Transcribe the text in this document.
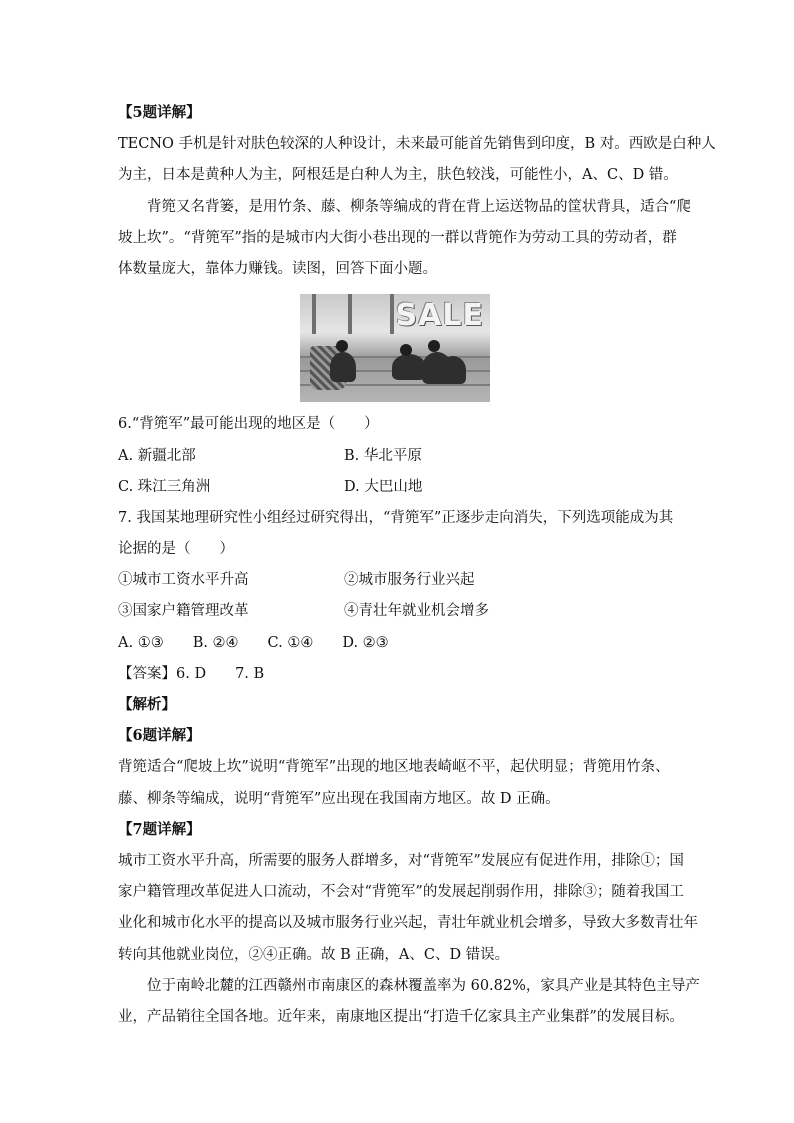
【5题详解】
TECNO 手机是针对肤色较深的人种设计，未来最可能首先销售到印度，B 对。西欧是白种人
为主，日本是黄种人为主，阿根廷是白种人为主，肤色较浅，可能性小，A、C、D 错。
背篼又名背篓，是用竹条、藤、柳条等编成的背在背上运送物品的筐状背具，适合“爬
坡上坎”。“背篼军”指的是城市内大街小巷出现的一群以背篼作为劳动工具的劳动者，群
体数量庞大，靠体力赚钱。读图，回答下面小题。
SALE
6.“背篼军”最可能出现的地区是（　　）
A. 新疆北部	B. 华北平原
C. 珠江三角洲	D. 大巴山地
7. 我国某地理研究性小组经过研究得出，“背篼军”正逐步走向消失，下列选项能成为其
论据的是（　　）
①城市工资水平升高	②城市服务行业兴起
③国家户籍管理改革	④青壮年就业机会增多
A. ①③　　B. ②④　　C. ①④　　D. ②③
【答案】6. D　　7. B
【解析】
【6题详解】
背篼适合“爬坡上坎”说明“背篼军”出现的地区地表崎岖不平，起伏明显；背篼用竹条、
藤、柳条等编成，说明“背篼军”应出现在我国南方地区。故 D 正确。
【7题详解】
城市工资水平升高，所需要的服务人群增多，对“背篼军”发展应有促进作用，排除①；国
家户籍管理改革促进人口流动，不会对“背篼军”的发展起削弱作用，排除③；随着我国工
业化和城市化水平的提高以及城市服务行业兴起，青壮年就业机会增多，导致大多数青壮年
转向其他就业岗位，②④正确。故 B 正确，A、C、D 错误。
位于南岭北麓的江西赣州市南康区的森林覆盖率为 60.82%，家具产业是其特色主导产
业，产品销往全国各地。近年来，南康地区提出“打造千亿家具主产业集群”的发展目标。
